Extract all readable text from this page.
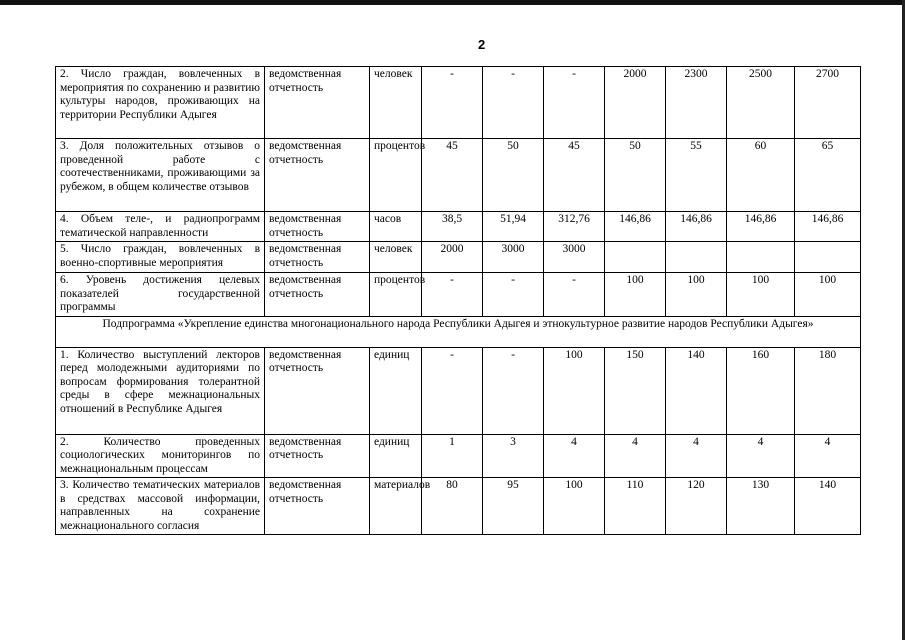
2
2. Число граждан, вовлеченных в мероприятия по сохранению и развитию культуры народов, проживающих на территории Республики Адыгея	ведомственная отчетность	человек	-	-	-	2000	2300	2500	2700
3. Доля положительных отзывов о проведенной работе с соотечественниками, проживающими за рубежом, в общем количестве отзывов	ведомственная отчетность	процентов	45	50	45	50	55	60	65
4. Объем теле-, и радиопрограмм тематической направленности	ведомственная отчетность	часов	38,5	51,94	312,76	146,86	146,86	146,86	146,86
5. Число граждан, вовлеченных в военно-спортивные мероприятия	ведомственная отчетность	человек	2000	3000	3000				
6. Уровень достижения целевых показателей государственной программы	ведомственная отчетность	процентов	-	-	-	100	100	100	100
Подпрограмма «Укрепление единства многонационального народа Республики Адыгея и этнокультурное развитие народов Республики Адыгея»									
1. Количество выступлений лекторов перед молодежными аудиториями по вопросам формирования толерантной среды в сфере межнациональных отношений в Республике Адыгея	ведомственная отчетность	единиц	-	-	100	150	140	160	180
2. Количество проведенных социологических мониторингов по межнациональным процессам	ведомственная отчетность	единиц	1	3	4	4	4	4	4
3. Количество тематических материалов в средствах массовой информации, направленных на сохранение межнационального согласия	ведомственная отчетность	материалов	80	95	100	110	120	130	140
